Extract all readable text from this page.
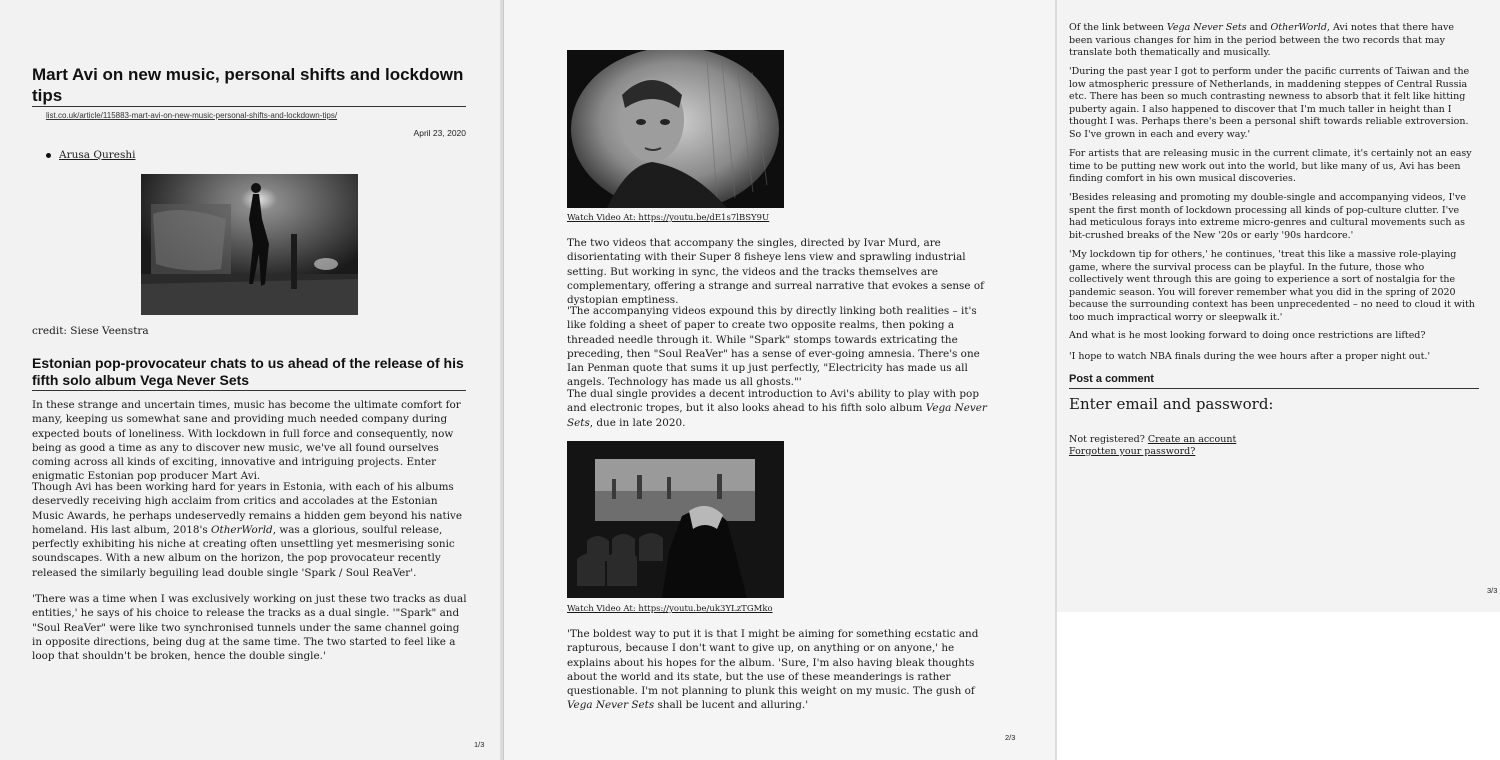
Mart Avi on new music, personal shifts and lockdown tips
list.co.uk/article/115883-mart-avi-on-new-music-personal-shifts-and-lockdown-tips/
April 23, 2020
Arusa Qureshi
credit: Siese Veenstra
Estonian pop-provocateur chats to us ahead of the release of his fifth solo album Vega Never Sets

In these strange and uncertain times, music has become the ultimate comfort for many, keeping us somewhat sane and providing much needed company during expected bouts of loneliness. With lockdown in full force and consequently, now being as good a time as any to discover new music, we've all found ourselves coming across all kinds of exciting, innovative and intriguing projects. Enter enigmatic Estonian pop producer Mart Avi.

Though Avi has been working hard for years in Estonia, with each of his albums deservedly receiving high acclaim from critics and accolades at the Estonian Music Awards, he perhaps undeservedly remains a hidden gem beyond his native homeland. His last album, 2018's OtherWorld, was a glorious, soulful release, perfectly exhibiting his niche at creating often unsettling yet mesmerising sonic soundscapes. With a new album on the horizon, the pop provocateur recently released the similarly beguiling lead double single 'Spark / Soul ReaVer'.

'There was a time when I was exclusively working on just these two tracks as dual entities,' he says of his choice to release the tracks as a dual single. '"Spark" and "Soul ReaVer" were like two synchronised tunnels under the same channel going in opposite directions, being dug at the same time. The two started to feel like a loop that shouldn't be broken, hence the double single.'

1/3
Watch Video At: https://youtu.be/dE1s7lBSY9U

The two videos that accompany the singles, directed by Ivar Murd, are disorientating with their Super 8 fisheye lens view and sprawling industrial setting. But working in sync, the videos and the tracks themselves are complementary, offering a strange and surreal narrative that evokes a sense of dystopian emptiness.

'The accompanying videos expound this by directly linking both realities – it's like folding a sheet of paper to create two opposite realms, then poking a threaded needle through it. While "Spark" stomps towards extricating the preceding, then "Soul ReaVer" has a sense of ever-going amnesia. There's one Ian Penman quote that sums it up just perfectly, "Electricity has made us all angels. Technology has made us all ghosts."'

The dual single provides a decent introduction to Avi's ability to play with pop and electronic tropes, but it also looks ahead to his fifth solo album Vega Never Sets, due in late 2020.

Watch Video At: https://youtu.be/uk3YLzTGMko

'The boldest way to put it is that I might be aiming for something ecstatic and rapturous, because I don't want to give up, on anything or on anyone,' he explains about his hopes for the album. 'Sure, I'm also having bleak thoughts about the world and its state, but the use of these meanderings is rather questionable. I'm not planning to plunk this weight on my music. The gush of Vega Never Sets shall be lucent and alluring.'

2/3

Of the link between Vega Never Sets and OtherWorld, Avi notes that there have been various changes for him in the period between the two records that may translate both thematically and musically.

'During the past year I got to perform under the pacific currents of Taiwan and the low atmospheric pressure of Netherlands, in maddening steppes of Central Russia etc. There has been so much contrasting newness to absorb that it felt like hitting puberty again. I also happened to discover that I'm much taller in height than I thought I was. Perhaps there's been a personal shift towards reliable extroversion. So I've grown in each and every way.'

For artists that are releasing music in the current climate, it's certainly not an easy time to be putting new work out into the world, but like many of us, Avi has been finding comfort in his own musical discoveries.

'Besides releasing and promoting my double-single and accompanying videos, I've spent the first month of lockdown processing all kinds of pop-culture clutter. I've had meticulous forays into extreme micro-genres and cultural movements such as bit-crushed breaks of the New '20s or early '90s hardcore.'

'My lockdown tip for others,' he continues, 'treat this like a massive role-playing game, where the survival process can be playful. In the future, those who collectively went through this are going to experience a sort of nostalgia for the pandemic season. You will forever remember what you did in the spring of 2020 because the surrounding context has been unprecedented – no need to cloud it with too much impractical worry or sleepwalk it.'

And what is he most looking forward to doing once restrictions are lifted?

'I hope to watch NBA finals during the wee hours after a proper night out.'

Post a comment
Enter email and password:
Not registered? Create an account
Forgotten your password?
3/3
